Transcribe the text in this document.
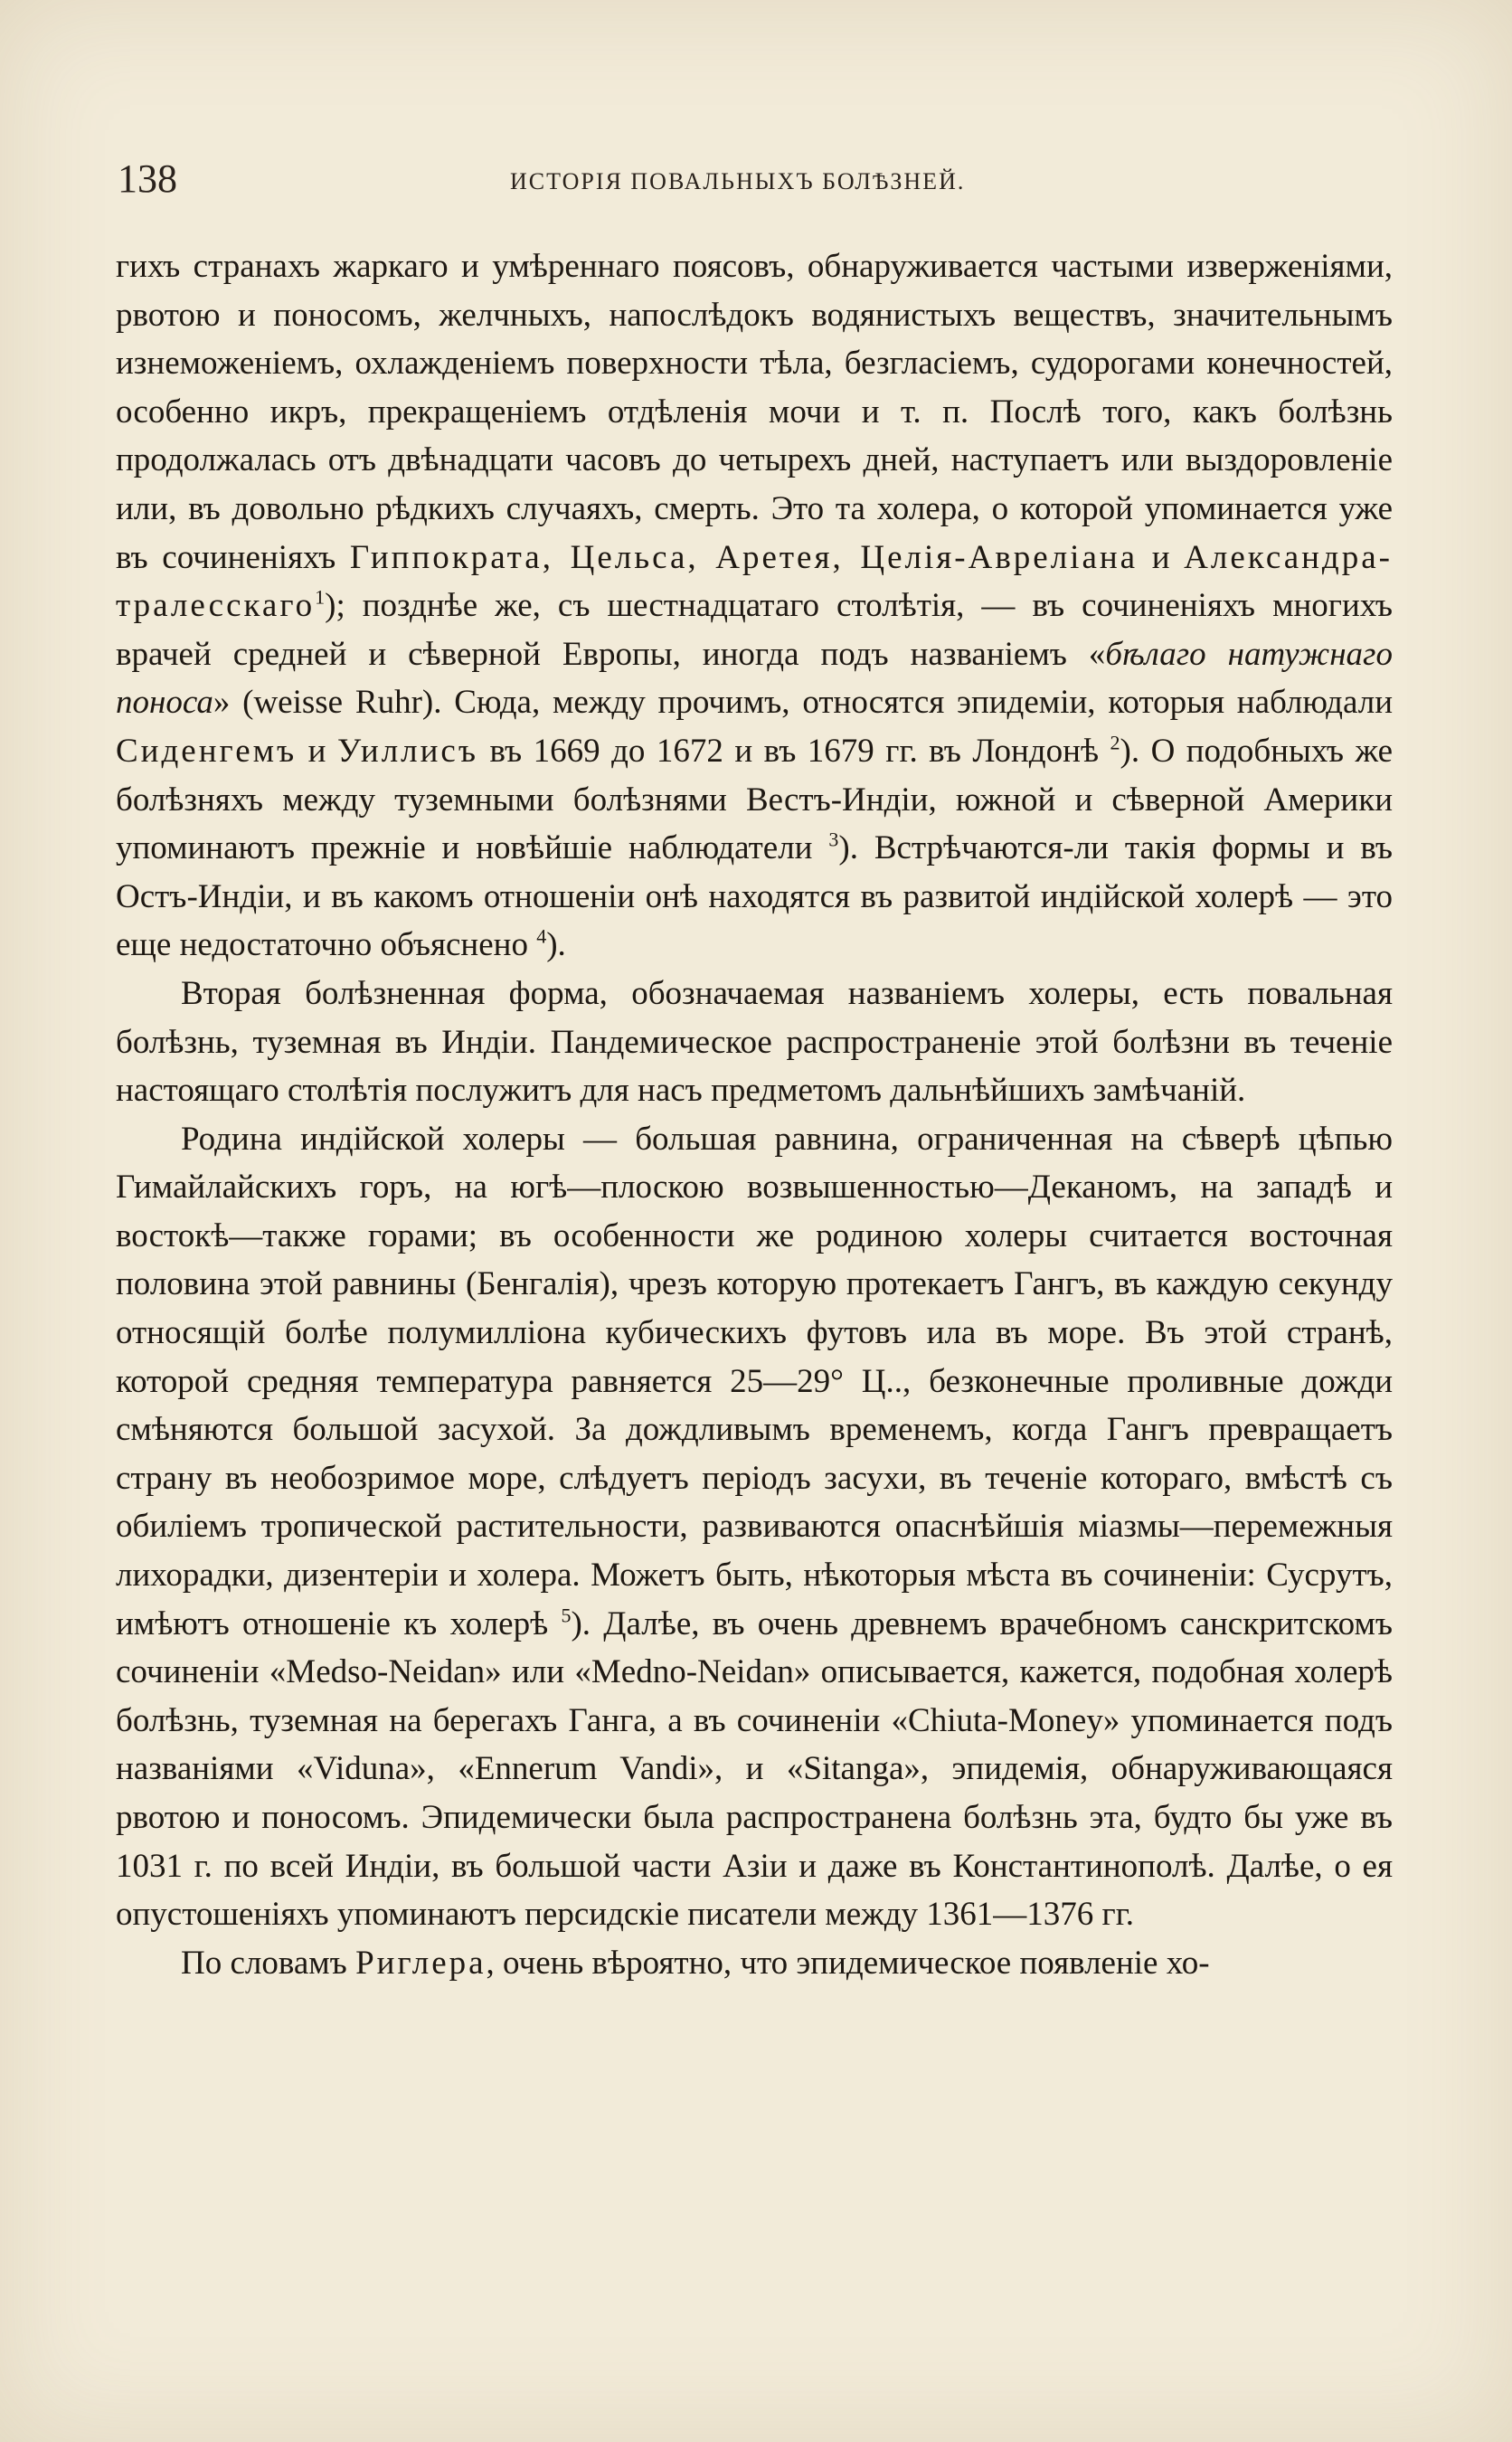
138	ИСТОРІЯ ПОВАЛЬНЫХЪ БОЛѢЗНЕЙ.

гихъ странахъ жаркаго и умѣреннаго поясовъ, обнаруживается частыми изверженіями, рвотою и поносомъ, желчныхъ, напослѣдокъ водянистыхъ веществъ, значительнымъ изнеможеніемъ, охлажденіемъ поверхности тѣла, безгласіемъ, судорогами конечностей, особенно икръ, прекращеніемъ отдѣленія мочи и т. п. Послѣ того, какъ болѣзнь продолжалась отъ двѣнадцати часовъ до четырехъ дней, наступаетъ или выздоровленіе или, въ довольно рѣдкихъ случаяхъ, смерть. Это та холера, о которой упоминается уже въ сочиненіяхъ Гиппократа, Цельса, Аретея, Целія-Авреліана и Александра-тралесскаго$^1$); позднѣе же, съ шестнадцатаго столѣтія, — въ сочиненіяхъ многихъ врачей средней и сѣверной Европы, иногда подъ названіемъ «бѣлаго натужнаго поноса» (weisse Ruhr). Сюда, между прочимъ, относятся эпидеміи, которыя наблюдали Сиденгемъ и Уиллисъ въ 1669 до 1672 и въ 1679 гг. въ Лондонѣ $^2$). О подобныхъ же болѣзняхъ между туземными болѣзнями Вестъ-Индіи, южной и сѣверной Америки упоминаютъ прежніе и новѣйшіе наблюдатели $^3$). Встрѣчаются-ли такія формы и въ Остъ-Индіи, и въ какомъ отношеніи онѣ находятся въ развитой индійской холерѣ — это еще недостаточно объяснено $^4$).

Вторая болѣзненная форма, обозначаемая названіемъ холеры, есть повальная болѣзнь, туземная въ Индіи. Пандемическое распространеніе этой болѣзни въ теченіе настоящаго столѣтія послужитъ для насъ предметомъ дальнѣйшихъ замѣчаній.

Родина индійской холеры — большая равнина, ограниченная на сѣверѣ цѣпью Гимайлайскихъ горъ, на югѣ—плоскою возвышенностью—Деканомъ, на западѣ и востокѣ—также горами; въ особенности же родиною холеры считается восточная половина этой равнины (Бенгалія), чрезъ которую протекаетъ Гангъ, въ каждую секунду относящій болѣе полумилліона кубическихъ футовъ ила въ море. Въ этой странѣ, которой средняя температура равняется 25—29° Ц.., безконечные проливные дожди смѣняются большой засухой. За дождливымъ временемъ, когда Гангъ превращаетъ страну въ необозримое море, слѣдуетъ періодъ засухи, въ теченіе котораго, вмѣстѣ съ обиліемъ тропической растительности, развиваются опаснѣйшія міазмы—перемежныя лихорадки, дизентеріи и холера. Можетъ быть, нѣкоторыя мѣста въ сочиненіи: Сусрутъ, имѣютъ отношеніе къ холерѣ $^5$). Далѣе, въ очень древнемъ врачебномъ санскритскомъ сочиненіи «Medso-Neidan» или «Medno-Neidan» описывается, кажется, подобная холерѣ болѣзнь, туземная на берегахъ Ганга, а въ сочиненіи «Chiuta-Money» упоминается подъ названіями «Viduna», «Ennerum Vandi», и «Sitanga», эпидемія, обнаруживающаяся рвотою и поносомъ. Эпидемически была распространена болѣзнь эта, будто бы уже въ 1031 г. по всей Индіи, въ большой части Азіи и даже въ Константинополѣ. Далѣе, о ея опустошеніяхъ упоминаютъ персидскіе писатели между 1361—1376 гг.

По словамъ Риглера, очень вѣроятно, что эпидемическое появленіе хо-
